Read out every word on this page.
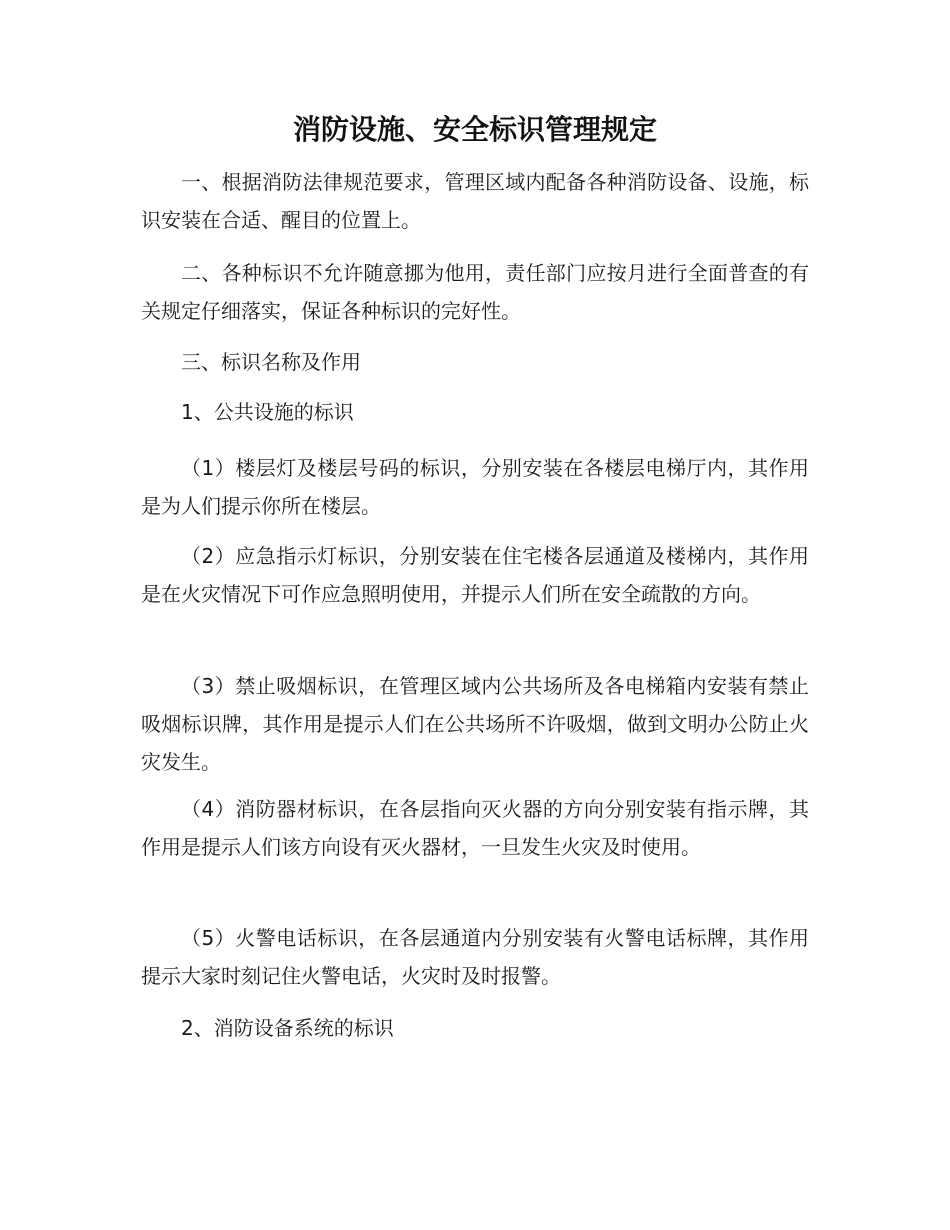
消防设施、安全标识管理规定

一、根据消防法律规范要求，管理区域内配备各种消防设备、设施，标识安装在合适、醒目的位置上。

二、各种标识不允许随意挪为他用，责任部门应按月进行全面普查的有关规定仔细落实，保证各种标识的完好性。

三、标识名称及作用

1、公共设施的标识

（1）楼层灯及楼层号码的标识，分别安装在各楼层电梯厅内，其作用是为人们提示你所在楼层。

（2）应急指示灯标识，分别安装在住宅楼各层通道及楼梯内，其作用是在火灾情况下可作应急照明使用，并提示人们所在安全疏散的方向。

（3）禁止吸烟标识，在管理区域内公共场所及各电梯箱内安装有禁止吸烟标识牌，其作用是提示人们在公共场所不许吸烟，做到文明办公防止火灾发生。

（4）消防器材标识，在各层指向灭火器的方向分别安装有指示牌，其作用是提示人们该方向设有灭火器材，一旦发生火灾及时使用。

（5）火警电话标识，在各层通道内分别安装有火警电话标牌，其作用提示大家时刻记住火警电话，火灾时及时报警。

2、消防设备系统的标识
